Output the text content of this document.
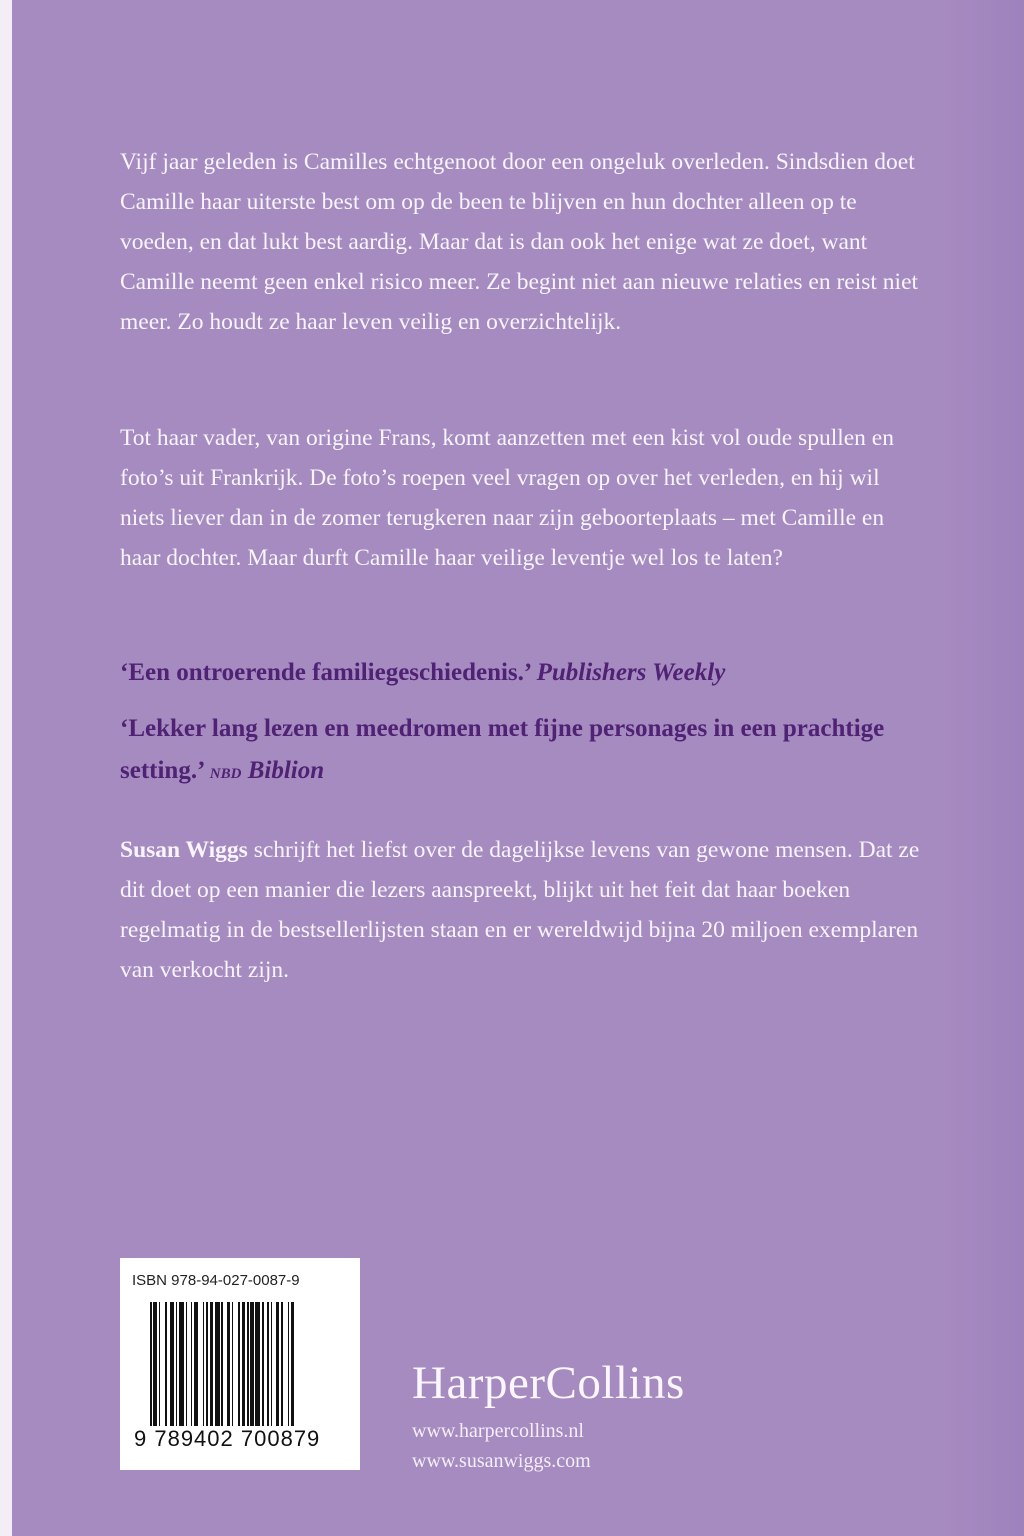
Vijf jaar geleden is Camilles echtgenoot door een ongeluk overleden. Sindsdien doet Camille haar uiterste best om op de been te blijven en hun dochter alleen op te voeden, en dat lukt best aardig. Maar dat is dan ook het enige wat ze doet, want Camille neemt geen enkel risico meer. Ze begint niet aan nieuwe relaties en reist niet meer. Zo houdt ze haar leven veilig en overzichtelijk.
Tot haar vader, van origine Frans, komt aanzetten met een kist vol oude spullen en foto’s uit Frankrijk. De foto’s roepen veel vragen op over het verleden, en hij wil niets liever dan in de zomer terugkeren naar zijn geboorteplaats – met Camille en haar dochter. Maar durft Camille haar veilige leventje wel los te laten?
‘Een ontroerende familiegeschiedenis.’ Publishers Weekly
‘Lekker lang lezen en meedromen met fijne personages in een prachtige setting.’ NBD Biblion
Susan Wiggs schrijft het liefst over de dagelijkse levens van gewone mensen. Dat ze dit doet op een manier die lezers aanspreekt, blijkt uit het feit dat haar boeken regelmatig in de bestsellerlijsten staan en er wereldwijd bijna 20 miljoen exemplaren van verkocht zijn.
ISBN 978-94-027-0087-9
9 789402 700879
HarperCollins
www.harpercollins.nl
www.susanwiggs.com
